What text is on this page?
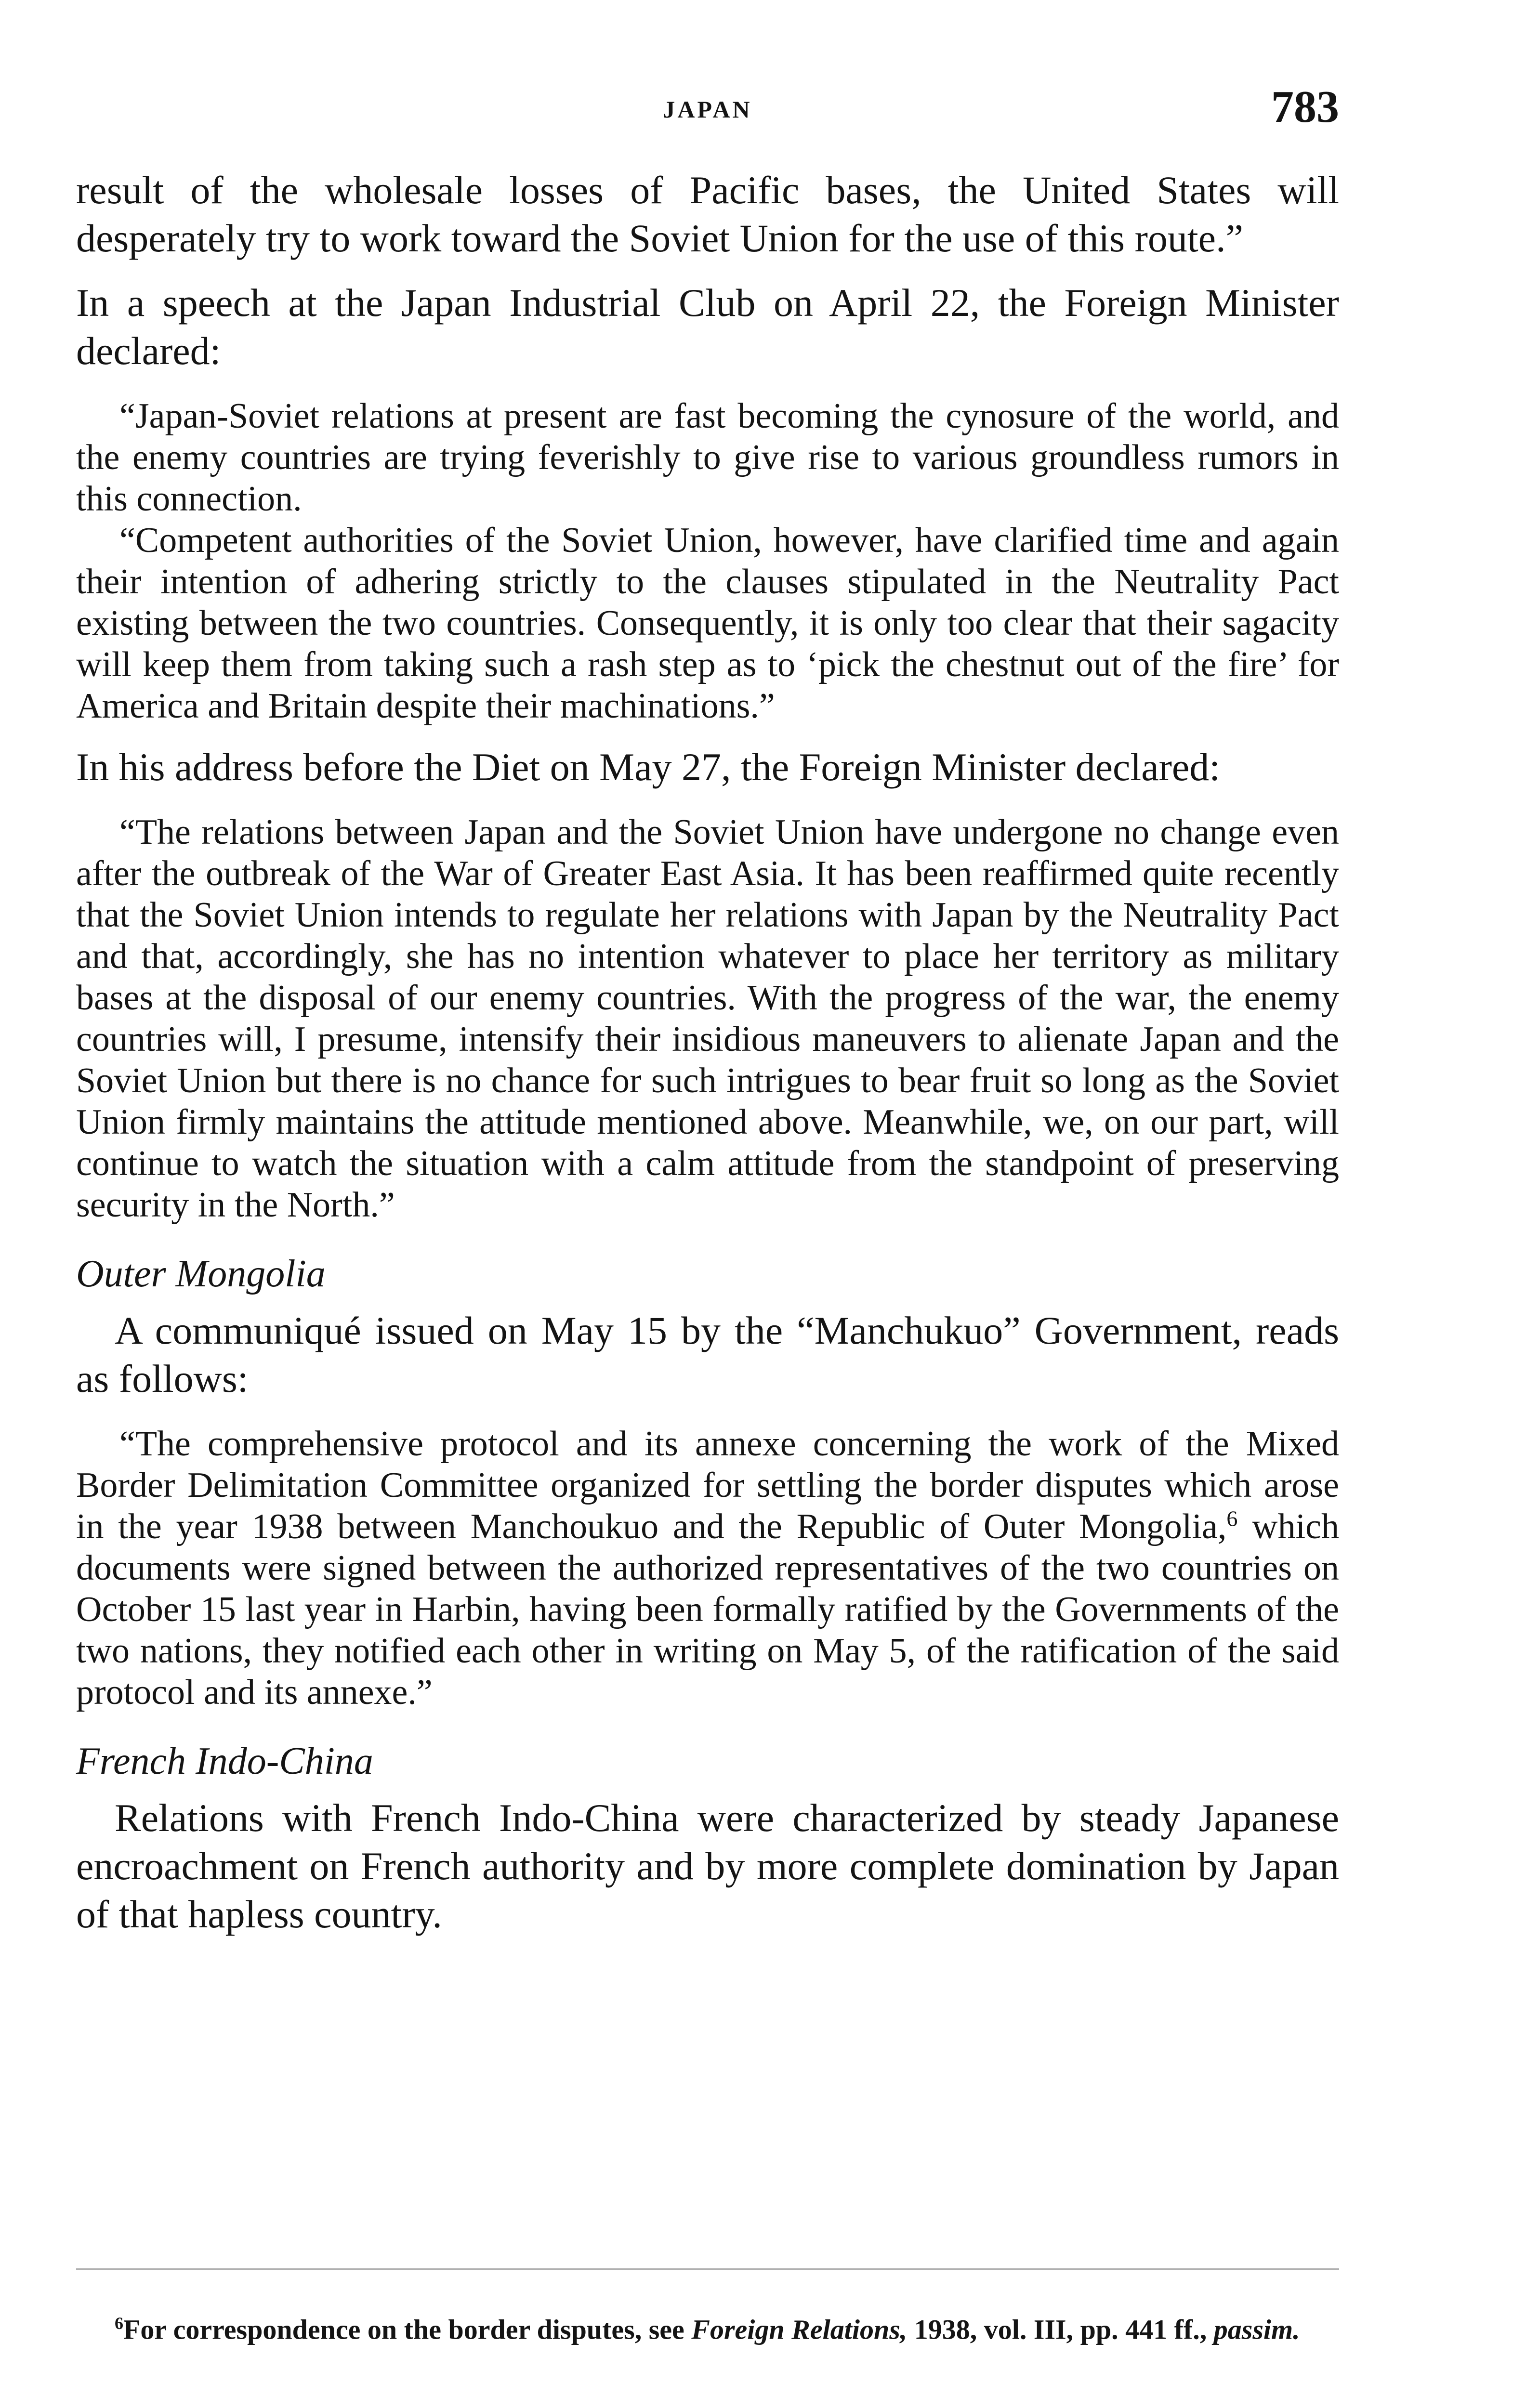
JAPAN	783

result of the wholesale losses of Pacific bases, the United States will desperately try to work toward the Soviet Union for the use of this route.”

In a speech at the Japan Industrial Club on April 22, the Foreign Minister declared:

“Japan-Soviet relations at present are fast becoming the cynosure of the world, and the enemy countries are trying feverishly to give rise to various groundless rumors in this connection.

“Competent authorities of the Soviet Union, however, have clarified time and again their intention of adhering strictly to the clauses stipulated in the Neutrality Pact existing between the two countries. Consequently, it is only too clear that their sagacity will keep them from taking such a rash step as to ‘pick the chestnut out of the fire’ for America and Britain despite their machinations.”

In his address before the Diet on May 27, the Foreign Minister declared:

“The relations between Japan and the Soviet Union have undergone no change even after the outbreak of the War of Greater East Asia. It has been reaffirmed quite recently that the Soviet Union intends to regulate her relations with Japan by the Neutrality Pact and that, accordingly, she has no intention whatever to place her territory as military bases at the disposal of our enemy countries. With the progress of the war, the enemy countries will, I presume, intensify their insidious maneuvers to alienate Japan and the Soviet Union but there is no chance for such intrigues to bear fruit so long as the Soviet Union firmly maintains the attitude mentioned above. Meanwhile, we, on our part, will continue to watch the situation with a calm attitude from the standpoint of preserving security in the North.”

Outer Mongolia

A communiqué issued on May 15 by the “Manchukuo” Government, reads as follows:

“The comprehensive protocol and its annexe concerning the work of the Mixed Border Delimitation Committee organized for settling the border disputes which arose in the year 1938 between Manchoukuo and the Republic of Outer Mongolia,$^6$ which documents were signed between the authorized representatives of the two countries on October 15 last year in Harbin, having been formally ratified by the Governments of the two nations, they notified each other in writing on May 5, of the ratification of the said protocol and its annexe.”

French Indo-China

Relations with French Indo-China were characterized by steady Japanese encroachment on French authority and by more complete domination by Japan of that hapless country.

$^6$For correspondence on the border disputes, see Foreign Relations, 1938, vol. III, pp. 441 ff., passim.
